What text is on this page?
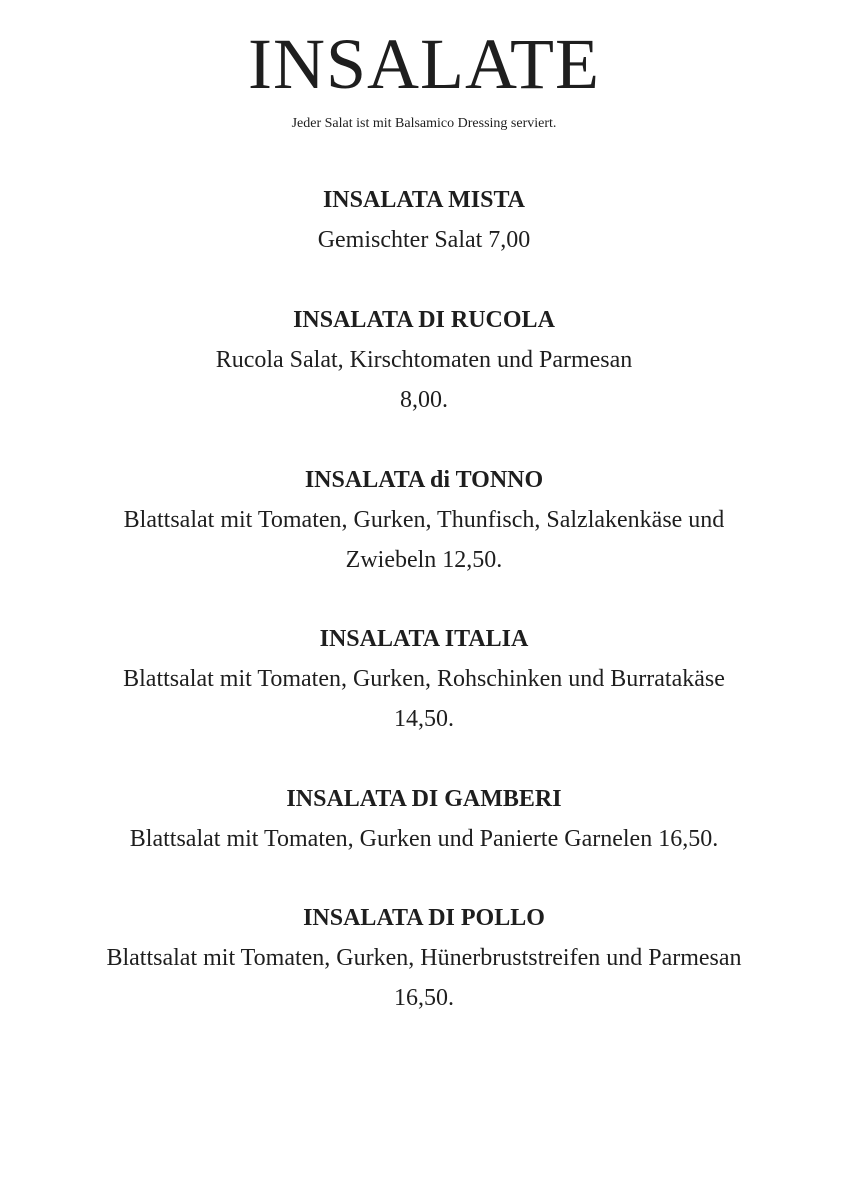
INSALATE

Jeder Salat ist mit Balsamico Dressing serviert.

INSALATA MISTA

Gemischter Salat 7,00

INSALATA DI RUCOLA

Rucola Salat, Kirschtomaten und Parmesan

8,00.

INSALATA di TONNO

Blattsalat mit Tomaten, Gurken, Thunfisch, Salzlakenkäse und

Zwiebeln 12,50.

INSALATA ITALIA

Blattsalat mit Tomaten, Gurken, Rohschinken und Burratakäse

14,50.

INSALATA DI GAMBERI

Blattsalat mit Tomaten, Gurken und Panierte Garnelen 16,50.

INSALATA DI POLLO

Blattsalat mit Tomaten, Gurken, Hünerbruststreifen und Parmesan

16,50.
